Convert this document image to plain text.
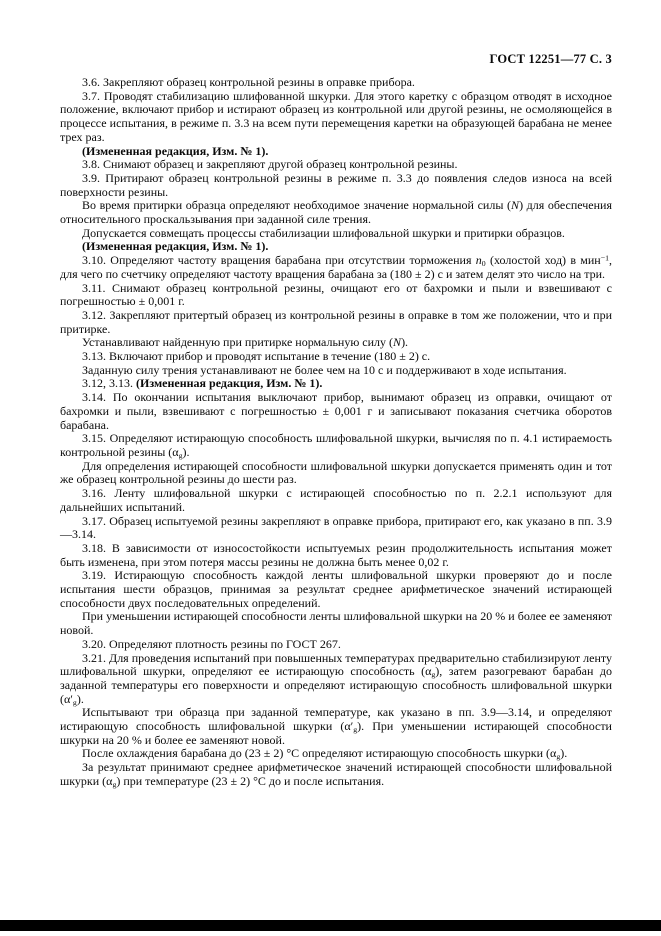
ГОСТ 12251—77 С. 3

3.6. Закрепляют образец контрольной резины в оправке прибора.

3.7. Проводят стабилизацию шлифованной шкурки. Для этого каретку с образцом отводят в исходное положение, включают прибор и истирают образец из контрольной или другой резины, не осмоляющейся в процессе испытания, в режиме п. 3.3 на всем пути перемещения каретки на образующей барабана не менее трех раз.

(Измененная редакция, Изм. № 1).

3.8. Снимают образец и закрепляют другой образец контрольной резины.

3.9. Притирают образец контрольной резины в режиме п. 3.3 до появления следов износа на всей поверхности резины.

Во время притирки образца определяют необходимое значение нормальной силы (N) для обеспечения относительного проскальзывания при заданной силе трения.

Допускается совмещать процессы стабилизации шлифовальной шкурки и притирки образцов.

(Измененная редакция, Изм. № 1).

3.10. Определяют частоту вращения барабана при отсутствии торможения $n_0$ (холостой ход) в мин$^{-1}$, для чего по счетчику определяют частоту вращения барабана за (180 ± 2) с и затем делят это число на три.

3.11. Снимают образец контрольной резины, очищают его от бахромки и пыли и взвешивают с погрешностью ± 0,001 г.

3.12. Закрепляют притертый образец из контрольной резины в оправке в том же положении, что и при притирке.

Устанавливают найденную при притирке нормальную силу (N).

3.13. Включают прибор и проводят испытание в течение (180 ± 2) с.

Заданную силу трения устанавливают не более чем на 10 с и поддерживают в ходе испытания.

3.12, 3.13. (Измененная редакция, Изм. № 1).

3.14. По окончании испытания выключают прибор, вынимают образец из оправки, очищают от бахромки и пыли, взвешивают с погрешностью ± 0,001 г и записывают показания счетчика оборотов барабана.

3.15. Определяют истирающую способность шлифовальной шкурки, вычисляя по п. 4.1 истираемость контрольной резины $(\alpha_g)$.

Для определения истирающей способности шлифовальной шкурки допускается применять один и тот же образец контрольной резины до шести раз.

3.16. Ленту шлифовальной шкурки с истирающей способностью по п. 2.2.1 используют для дальнейших испытаний.

3.17. Образец испытуемой резины закрепляют в оправке прибора, притирают его, как указано в пп. 3.9—3.14.

3.18. В зависимости от износостойкости испытуемых резин продолжительность испытания может быть изменена, при этом потеря массы резины не должна быть менее 0,02 г.

3.19. Истирающую способность каждой ленты шлифовальной шкурки проверяют до и после испытания шести образцов, принимая за результат среднее арифметическое значений истирающей способности двух последовательных определений.

При уменьшении истирающей способности ленты шлифовальной шкурки на 20 % и более ее заменяют новой.

3.20. Определяют плотность резины по ГОСТ 267.

3.21. Для проведения испытаний при повышенных температурах предварительно стабилизируют ленту шлифовальной шкурки, определяют ее истирающую способность $(\alpha_g)$, затем разогревают барабан до заданной температуры его поверхности и определяют истирающую способность шлифовальной шкурки $(\alpha'_g)$.

Испытывают три образца при заданной температуре, как указано в пп. 3.9—3.14, и определяют истирающую способность шлифовальной шкурки $(\alpha'_g)$. При уменьшении истирающей способности шкурки на 20 % и более ее заменяют новой.

После охлаждения барабана до (23 ± 2) °С определяют истирающую способность шкурки $(\alpha_g)$.

За результат принимают среднее арифметическое значений истирающей способности шлифовальной шкурки $(\alpha_g)$ при температуре (23 ± 2) °С до и после испытания.
